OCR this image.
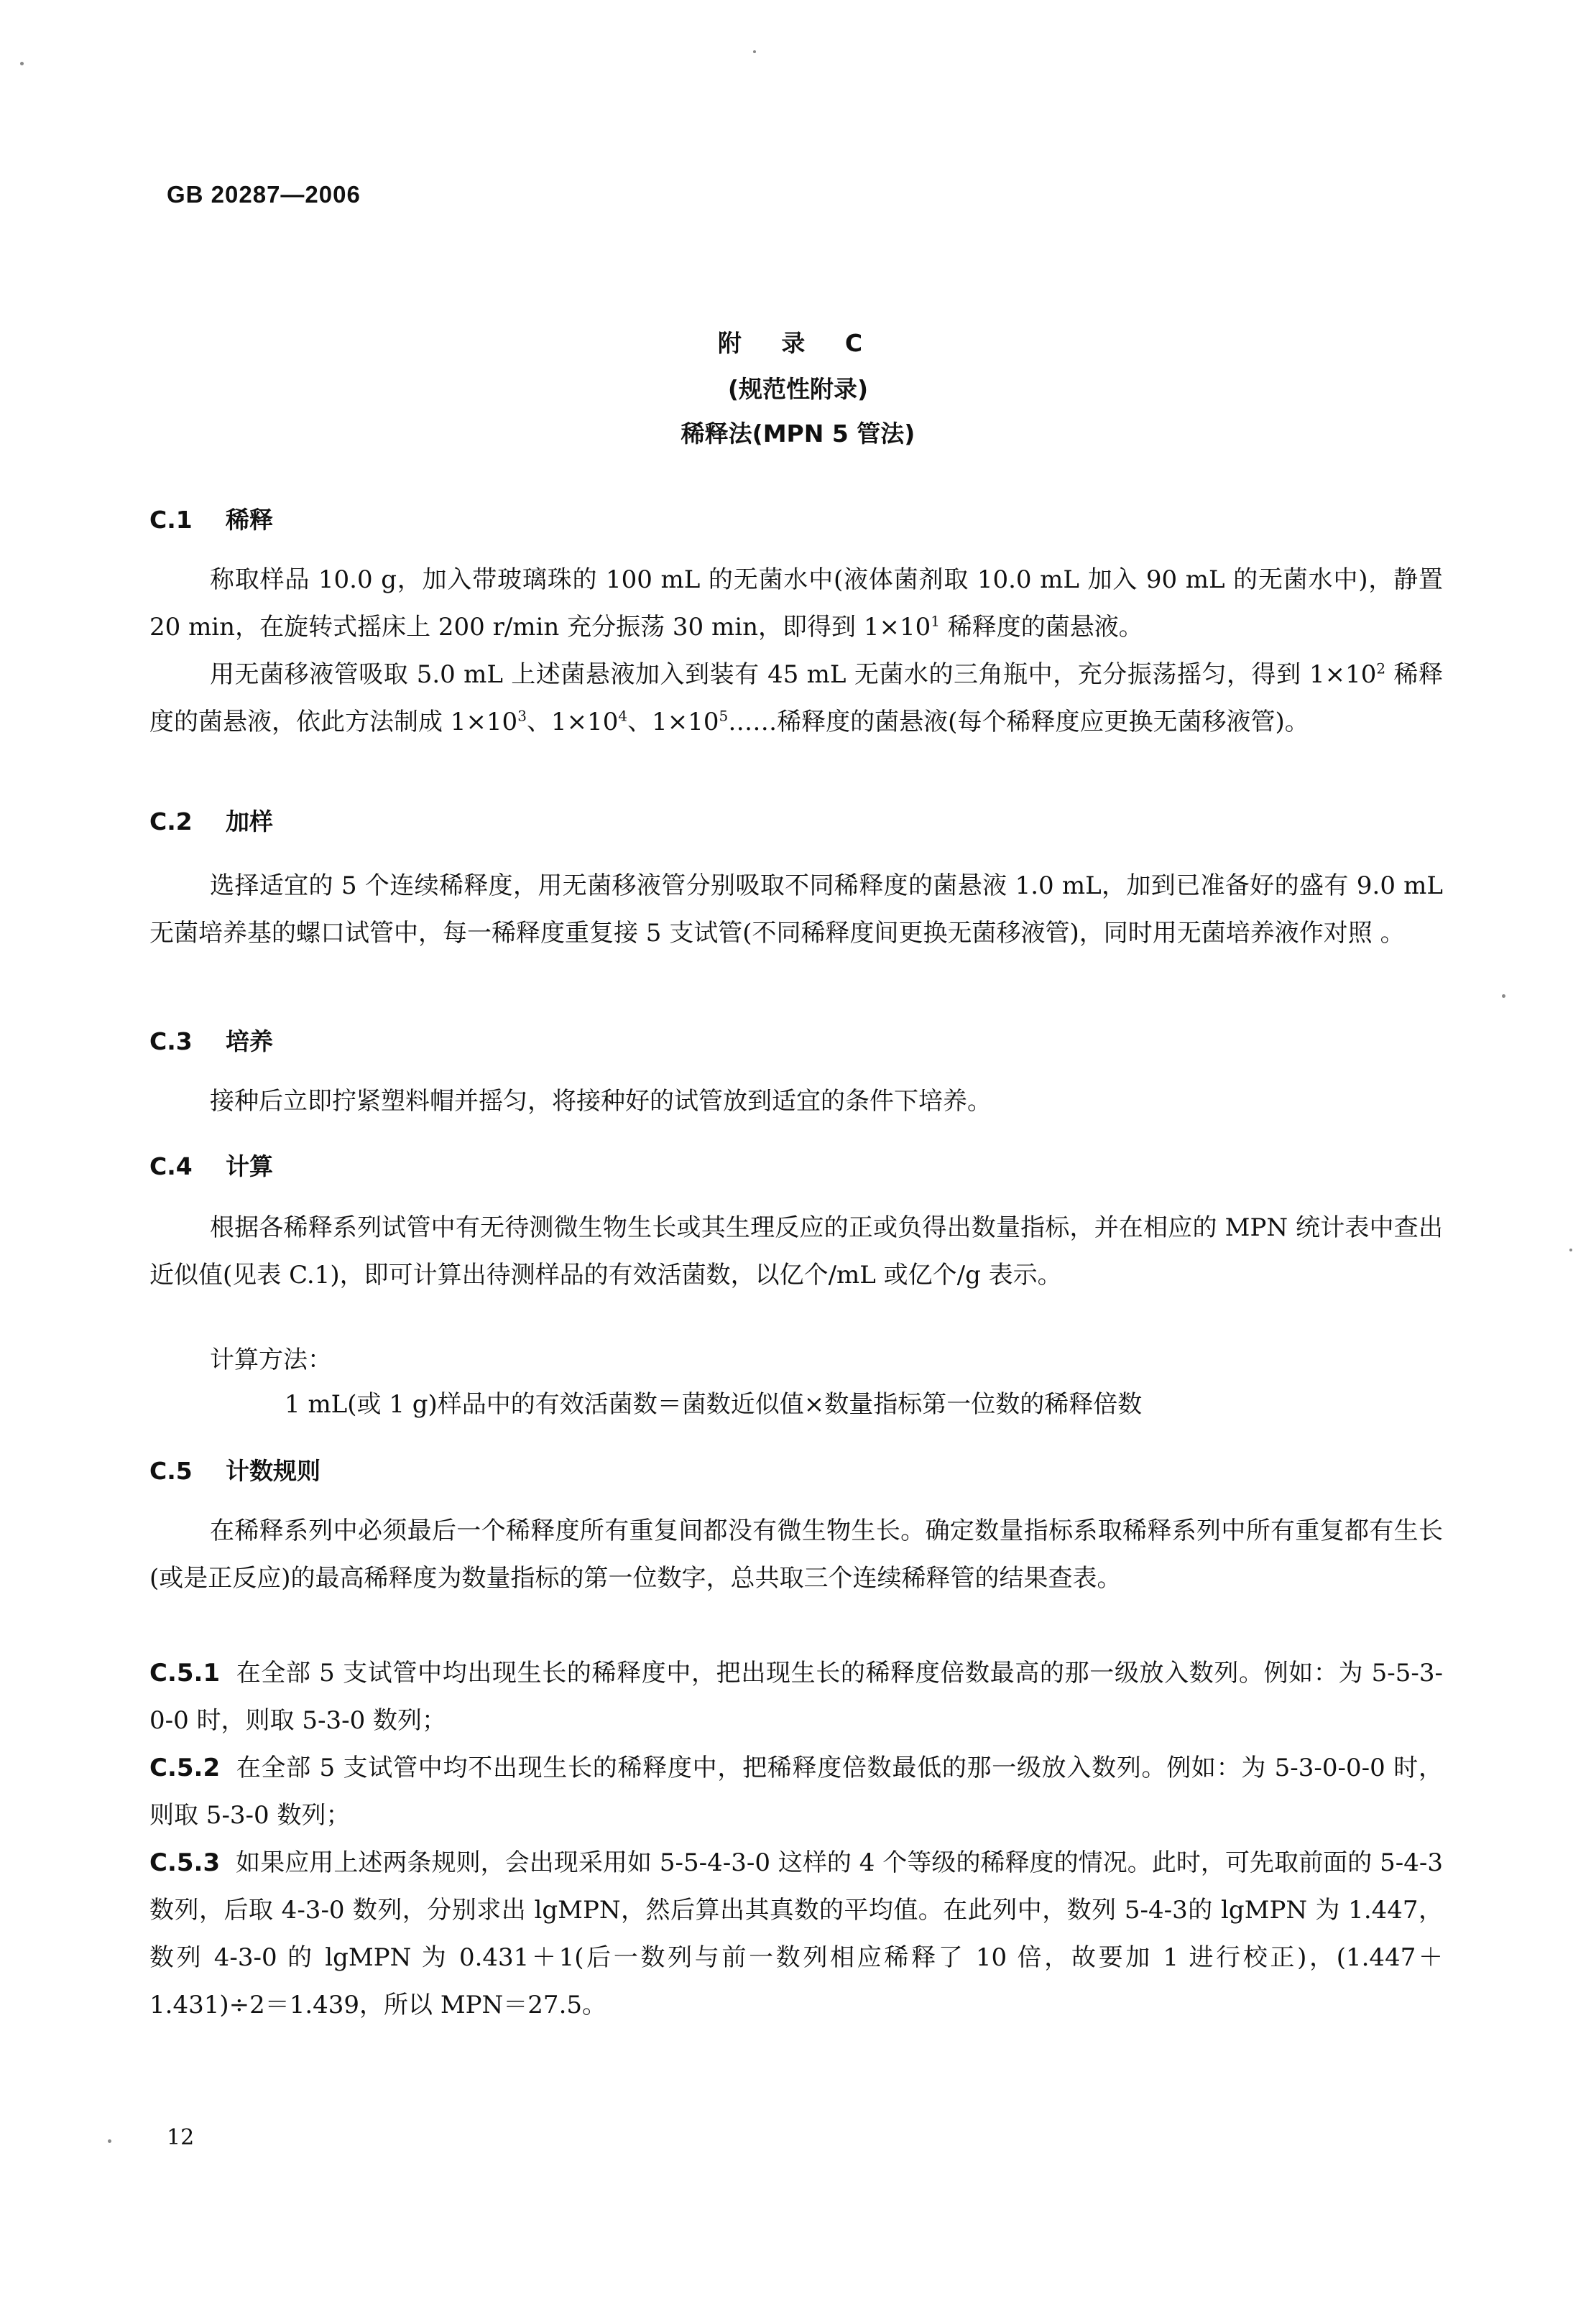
GB 20287—2006
附 录 C
(规范性附录)
稀释法(MPN 5 管法)
C.1 稀释

称取样品 10.0 g，加入带玻璃珠的 100 mL 的无菌水中(液体菌剂取 10.0 mL 加入 90 mL 的无菌水中)，静置 20 min，在旋转式摇床上 200 r/min 充分振荡 30 min，即得到 $1\times 10^1$ 稀释度的菌悬液。

用无菌移液管吸取 5.0 mL 上述菌悬液加入到装有 45 mL 无菌水的三角瓶中，充分振荡摇匀，得到 $1\times 10^2$ 稀释度的菌悬液，依此方法制成 $1\times 10^3$、$1\times 10^4$、$1\times 10^5\dots\dots$稀释度的菌悬液(每个稀释度应更换无菌移液管)。

C.2 加样

选择适宜的 5 个连续稀释度，用无菌移液管分别吸取不同稀释度的菌悬液 1.0 mL，加到已准备好的盛有 9.0 mL 无菌培养基的螺口试管中，每一稀释度重复接 5 支试管(不同稀释度间更换无菌移液管)，同时用无菌培养液作对照 。

C.3 培养

接种后立即拧紧塑料帽并摇匀，将接种好的试管放到适宜的条件下培养。

C.4 计算

根据各稀释系列试管中有无待测微生物生长或其生理反应的正或负得出数量指标，并在相应的 MPN 统计表中查出近似值(见表 C.1)，即可计算出待测样品的有效活菌数，以亿个/mL 或亿个/g 表示。

计算方法：

1 mL(或 1 g)样品中的有效活菌数＝菌数近似值×数量指标第一位数的稀释倍数

C.5 计数规则

在稀释系列中必须最后一个稀释度所有重复间都没有微生物生长。确定数量指标系取稀释系列中所有重复都有生长(或是正反应)的最高稀释度为数量指标的第一位数字，总共取三个连续稀释管的结果查表。

C.5.1 在全部 5 支试管中均出现生长的稀释度中，把出现生长的稀释度倍数最高的那一级放入数列。例如：为 5-5-3-0-0 时，则取 5-3-0 数列；

C.5.2 在全部 5 支试管中均不出现生长的稀释度中，把稀释度倍数最低的那一级放入数列。例如：为 5-3-0-0-0 时，则取 5-3-0 数列；

C.5.3 如果应用上述两条规则，会出现采用如 5-5-4-3-0 这样的 4 个等级的稀释度的情况。此时，可先取前面的 5-4-3 数列，后取 4-3-0 数列，分别求出 lgMPN，然后算出其真数的平均值。在此列中，数列 5-4-3的 lgMPN 为 1.447，数列 4-3-0 的 lgMPN 为 0.431＋1(后一数列与前一数列相应稀释了 10 倍，故要加 1 进行校正)，(1.447＋1.431)÷2＝1.439，所以 MPN＝27.5。

12
